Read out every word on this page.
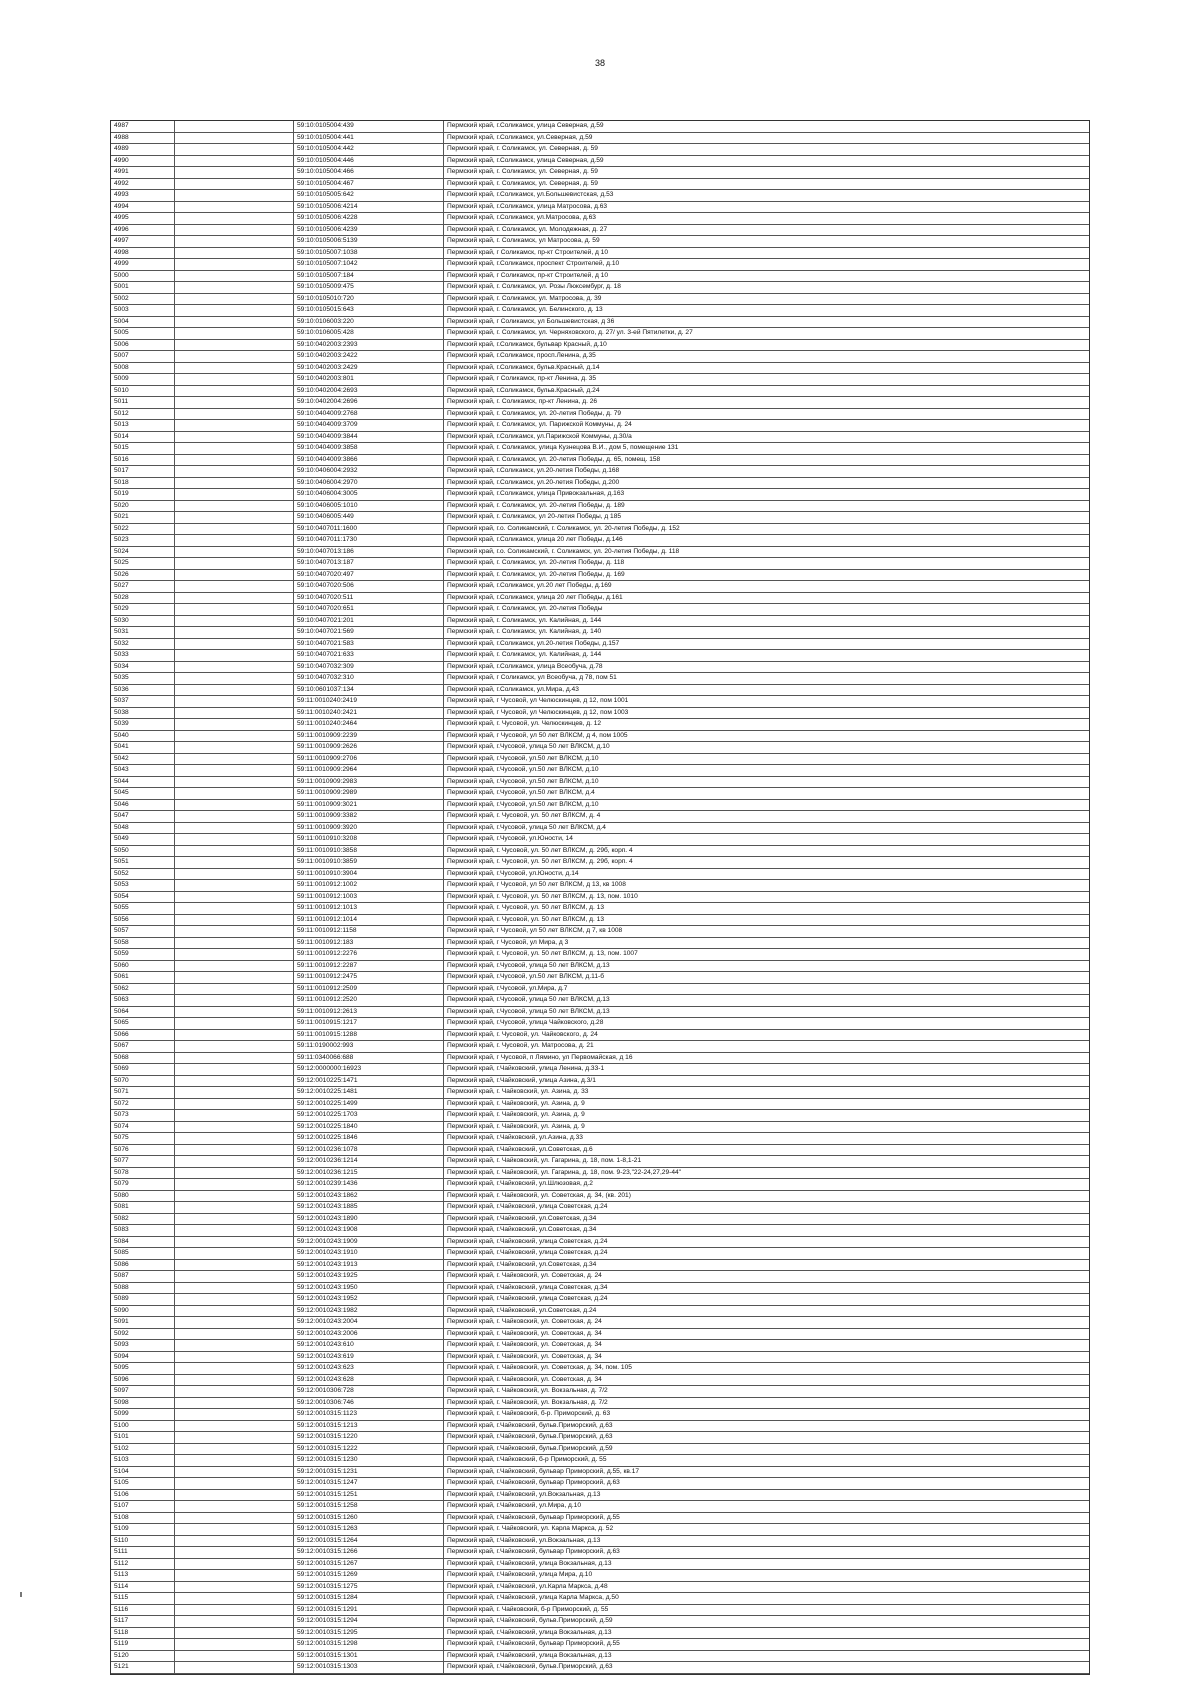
38
4987		59:10:0105004:439	Пермский край, г.Соликамск, улица Северная, д.59
4988		59:10:0105004:441	Пермский край, г.Соликамск, ул.Северная, д.59
4989		59:10:0105004:442	Пермский край, г. Соликамск, ул. Северная, д. 59
4990		59:10:0105004:446	Пермский край, г.Соликамск, улица Северная, д.59
4991		59:10:0105004:466	Пермский край, г. Соликамск, ул. Северная, д. 59
4992		59:10:0105004:467	Пермский край, г. Соликамск, ул. Северная, д. 59
4993		59:10:0105005:642	Пермский край, г.Соликамск, ул.Большевистская, д.53
4994		59:10:0105006:4214	Пермский край, г.Соликамск, улица Матросова, д.63
4995		59:10:0105006:4228	Пермский край, г.Соликамск, ул.Матросова, д.63
4996		59:10:0105006:4239	Пермский край, г. Соликамск, ул. Молодежная, д. 27
4997		59:10:0105006:5139	Пермский край, г. Соликамск, ул Матросова, д. 59
4998		59:10:0105007:1038	Пермский край, г Соликамск, пр-кт Строителей, д 10
4999		59:10:0105007:1042	Пермский край, г.Соликамск, проспект Строителей, д.10
5000		59:10:0105007:184	Пермский край, г Соликамск, пр-кт Строителей, д 10
5001		59:10:0105009:475	Пермский край, г. Соликамск, ул. Розы Люксембург, д. 18
5002		59:10:0105010:720	Пермский край, г. Соликамск, ул. Матросова, д. 39
5003		59:10:0105015:643	Пермский край, г. Соликамск, ул. Белинского, д. 13
5004		59:10:0106003:220	Пермский край, г Соликамск, ул Большевистская, д 36
5005		59:10:0106005:428	Пермский край, г. Соликамск, ул. Черняховского, д. 27/ ул. 3-ей Пятилетки, д. 27
5006		59:10:0402003:2393	Пермский край, г.Соликамск, бульвар Красный, д.10
5007		59:10:0402003:2422	Пермский край, г.Соликамск, просп.Ленина, д.35
5008		59:10:0402003:2429	Пермский край, г.Соликамск, бульв.Красный, д.14
5009		59:10:0402003:801	Пермский край, г Соликамск, пр-кт Ленина, д. 35
5010		59:10:0402004:2693	Пермский край, г.Соликамск, бульв.Красный, д.24
5011		59:10:0402004:2696	Пермский край, г. Соликамск, пр-кт Ленина, д. 26
5012		59:10:0404009:2768	Пермский край, г. Соликамск, ул. 20-летия Победы, д. 79
5013		59:10:0404009:3709	Пермский край, г. Соликамск, ул. Парижской Коммуны, д. 24
5014		59:10:0404009:3844	Пермский край, г.Соликамск, ул.Парижской Коммуны, д.30/а
5015		59:10:0404009:3858	Пермский край, г. Соликамск, улица Кузнецова В.И., дом 5, помещение 131
5016		59:10:0404009:3866	Пермский край, г. Соликамск, ул. 20-летия Победы, д. 65, помещ. 158
5017		59:10:0406004:2932	Пермский край, г.Соликамск, ул.20-летия Победы, д.168
5018		59:10:0406004:2970	Пермский край, г.Соликамск, ул.20-летия Победы, д.200
5019		59:10:0406004:3005	Пермский край, г.Соликамск, улица Привокзальная, д.163
5020		59:10:0406005:1010	Пермский край, г. Соликамск, ул. 20-летия Победы, д. 189
5021		59:10:0406005:449	Пермский край, г. Соликамск, ул 20-летия Победы, д 185
5022		59:10:0407011:1600	Пермский край, г.о. Соликамский, г. Соликамск, ул. 20-летия Победы, д. 152
5023		59:10:0407011:1730	Пермский край, г.Соликамск, улица 20 лет Победы, д.146
5024		59:10:0407013:186	Пермский край, г.о. Соликамский, г. Соликамск, ул. 20-летия Победы, д. 118
5025		59:10:0407013:187	Пермский край, г. Соликамск, ул. 20-летия Победы, д. 118
5026		59:10:0407020:497	Пермский край, г. Соликамск, ул. 20-летия Победы, д. 169
5027		59:10:0407020:506	Пермский край, г.Соликамск, ул.20 лет Победы, д.169
5028		59:10:0407020:511	Пермский край, г.Соликамск, улица 20 лет Победы, д.161
5029		59:10:0407020:651	Пермский край, г. Соликамск, ул. 20-летия Победы
5030		59:10:0407021:201	Пермский край, г. Соликамск, ул. Калийная, д. 144
5031		59:10:0407021:569	Пермский край, г. Соликамск, ул. Калийная, д. 140
5032		59:10:0407021:583	Пермский край, г.Соликамск, ул.20-летия Победы, д.157
5033		59:10:0407021:633	Пермский край, г. Соликамск, ул. Калийная, д. 144
5034		59:10:0407032:309	Пермский край, г.Соликамск, улица Всеобуча, д.78
5035		59:10:0407032:310	Пермский край, г Соликамск, ул Всеобуча, д 78, пом 51
5036		59:10:0601037:134	Пермский край, г.Соликамск, ул.Мира, д.43
5037		59:11:0010240:2419	Пермский край, г Чусовой, ул Челюскинцев, д 12, пом 1001
5038		59:11:0010240:2421	Пермский край, г Чусовой, ул Челюскинцев, д 12, пом 1003
5039		59:11:0010240:2464	Пермский край, г. Чусовой, ул. Челюскинцев, д. 12
5040		59:11:0010909:2239	Пермский край, г Чусовой, ул 50 лет ВЛКСМ, д 4, пом 1005
5041		59:11:0010909:2626	Пермский край, г.Чусовой, улица 50 лет ВЛКСМ, д.10
5042		59:11:0010909:2706	Пермский край, г.Чусовой, ул.50 лет ВЛКСМ, д.10
5043		59:11:0010909:2964	Пермский край, г.Чусовой, ул.50 лет ВЛКСМ, д.10
5044		59:11:0010909:2983	Пермский край, г.Чусовой, ул.50 лет ВЛКСМ, д.10
5045		59:11:0010909:2989	Пермский край, г.Чусовой, ул.50 лет ВЛКСМ, д.4
5046		59:11:0010909:3021	Пермский край, г.Чусовой, ул.50 лет ВЛКСМ, д.10
5047		59:11:0010909:3382	Пермский край, г. Чусовой, ул. 50 лет ВЛКСМ, д. 4
5048		59:11:0010909:3920	Пермский край, г.Чусовой, улица 50 лет ВЛКСМ, д.4
5049		59:11:0010910:3208	Пермский край, г.Чусовой, ул.Юности, 14
5050		59:11:0010910:3858	Пермский край, г. Чусовой, ул. 50 лет ВЛКСМ, д. 29б, корп. 4
5051		59:11:0010910:3859	Пермский край, г. Чусовой, ул. 50 лет ВЛКСМ, д. 29б, корп. 4
5052		59:11:0010910:3904	Пермский край, г.Чусовой, ул.Юности, д.14
5053		59:11:0010912:1002	Пермский край, г Чусовой, ул 50 лет ВЛКСМ, д 13, кв 1008
5054		59:11:0010912:1003	Пермский край, г. Чусовой, ул. 50 лет ВЛКСМ, д. 13, пом. 1010
5055		59:11:0010912:1013	Пермский край, г. Чусовой, ул. 50 лет ВЛКСМ, д. 13
5056		59:11:0010912:1014	Пермский край, г. Чусовой, ул. 50 лет ВЛКСМ, д. 13
5057		59:11:0010912:1158	Пермский край, г Чусовой, ул 50 лет ВЛКСМ, д 7, кв 1008
5058		59:11:0010912:183	Пермский край, г Чусовой, ул Мира, д 3
5059		59:11:0010912:2276	Пермский край, г. Чусовой, ул. 50 лет ВЛКСМ, д. 13, пом. 1007
5060		59:11:0010912:2287	Пермский край, г.Чусовой, улица 50 лет ВЛКСМ, д.13
5061		59:11:0010912:2475	Пермский край, г.Чусовой, ул.50 лет ВЛКСМ, д.11-б
5062		59:11:0010912:2509	Пермский край, г.Чусовой, ул.Мира, д.7
5063		59:11:0010912:2520	Пермский край, г.Чусовой, улица 50 лет ВЛКСМ, д.13
5064		59:11:0010912:2613	Пермский край, г.Чусовой, улица 50 лет ВЛКСМ, д.13
5065		59:11:0010915:1217	Пермский край, г.Чусовой, улица Чайковского, д.28
5066		59:11:0010915:1288	Пермский край, г. Чусовой, ул. Чайковского, д. 24
5067		59:11:0190002:993	Пермский край, г. Чусовой, ул. Матросова, д. 21
5068		59:11:0340066:688	Пермский край, г Чусовой, п Лямино, ул Первомайская, д 16
5069		59:12:0000000:16923	Пермский край, г.Чайковский, улица Ленина, д.33-1
5070		59:12:0010225:1471	Пермский край, г.Чайковский, улица Азина, д.3/1
5071		59:12:0010225:1481	Пермский край, г. Чайковский, ул. Азина, д. 33
5072		59:12:0010225:1499	Пермский край, г. Чайковский, ул. Азина, д. 9
5073		59:12:0010225:1703	Пермский край, г. Чайковский, ул. Азина, д. 9
5074		59:12:0010225:1840	Пермский край, г. Чайковский, ул. Азина, д. 9
5075		59:12:0010225:1846	Пермский край, г.Чайковский, ул.Азина, д.33
5076		59:12:0010236:1078	Пермский край, г.Чайковский, ул.Советская, д.6
5077		59:12:0010236:1214	Пермский край, г. Чайковский, ул. Гагарина, д. 18, пом. 1-8,1-21
5078		59:12:0010236:1215	Пермский край, г. Чайковский, ул. Гагарина, д. 18, пом. 9-23,"22-24,27,29-44"
5079		59:12:0010239:1436	Пермский край, г.Чайковский, ул.Шлюзовая, д.2
5080		59:12:0010243:1862	Пермский край, г. Чайковский, ул. Советская, д. 34, (кв. 201)
5081		59:12:0010243:1885	Пермский край, г.Чайковский, улица Советская, д.24
5082		59:12:0010243:1890	Пермский край, г.Чайковский, ул.Советская, д.34
5083		59:12:0010243:1908	Пермский край, г.Чайковский, ул.Советская, д.34
5084		59:12:0010243:1909	Пермский край, г.Чайковский, улица Советская, д.24
5085		59:12:0010243:1910	Пермский край, г.Чайковский, улица Советская, д.24
5086		59:12:0010243:1913	Пермский край, г.Чайковский, ул.Советская, д.34
5087		59:12:0010243:1925	Пермский край, г. Чайковский, ул. Советская, д. 24
5088		59:12:0010243:1950	Пермский край, г.Чайковский, улица Советская, д.34
5089		59:12:0010243:1952	Пермский край, г.Чайковский, улица Советская, д.24
5090		59:12:0010243:1982	Пермский край, г.Чайковский, ул.Советская, д.24
5091		59:12:0010243:2004	Пермский край, г. Чайковский, ул. Советская, д. 24
5092		59:12:0010243:2006	Пермский край, г. Чайковский, ул. Советская, д. 34
5093		59:12:0010243:610	Пермский край, г. Чайковский, ул. Советская, д. 34
5094		59:12:0010243:619	Пермский край, г. Чайковский, ул. Советская, д. 34
5095		59:12:0010243:623	Пермский край, г. Чайковский, ул. Советская, д. 34, пом. 105
5096		59:12:0010243:628	Пермский край, г. Чайковский, ул. Советская, д. 34
5097		59:12:0010306:728	Пермский край, г. Чайковский, ул. Вокзальная, д. 7/2
5098		59:12:0010306:746	Пермский край, г. Чайковский, ул. Вокзальная, д. 7/2
5099		59:12:0010315:1123	Пермский край, г. Чайковский, б-р. Приморский, д. 63
5100		59:12:0010315:1213	Пермский край, г.Чайковский, бульв.Приморский, д.63
5101		59:12:0010315:1220	Пермский край, г.Чайковский, бульв.Приморский, д.63
5102		59:12:0010315:1222	Пермский край, г.Чайковский, бульв.Приморский, д.59
5103		59:12:0010315:1230	Пермский край, г.Чайковский, б-р Приморский, д. 55
5104		59:12:0010315:1231	Пермский край, г.Чайковский, бульвар Приморский, д.55, кв.17
5105		59:12:0010315:1247	Пермский край, г.Чайковский, бульвар Приморский, д.63
5106		59:12:0010315:1251	Пермский край, г.Чайковский, ул.Вокзальная, д.13
5107		59:12:0010315:1258	Пермский край, г.Чайковский, ул.Мира, д.10
5108		59:12:0010315:1260	Пермский край, г.Чайковский, бульвар Приморский, д.55
5109		59:12:0010315:1263	Пермский край, г. Чайковский, ул. Карла Маркса, д. 52
5110		59:12:0010315:1264	Пермский край, г.Чайковский, ул.Вокзальная, д.13
5111		59:12:0010315:1266	Пермский край, г.Чайковский, бульвар Приморский, д.63
5112		59:12:0010315:1267	Пермский край, г.Чайковский, улица Вокзальная, д.13
5113		59:12:0010315:1269	Пермский край, г.Чайковский, улица Мира, д.10
5114		59:12:0010315:1275	Пермский край, г.Чайковский, ул.Карла Маркса, д.48
5115		59:12:0010315:1284	Пермский край, г.Чайковский, улица Карла Маркса, д.50
5116		59:12:0010315:1291	Пермский край, г. Чайковский, б-р Приморский, д. 55
5117		59:12:0010315:1294	Пермский край, г.Чайковский, бульв.Приморский, д.59
5118		59:12:0010315:1295	Пермский край, г.Чайковский, улица Вокзальная, д.13
5119		59:12:0010315:1298	Пермский край, г.Чайковский, бульвар Приморский, д.55
5120		59:12:0010315:1301	Пермский край, г.Чайковский, улица Вокзальная, д.13
5121		59:12:0010315:1303	Пермский край, г.Чайковский, бульв.Приморский, д.63
